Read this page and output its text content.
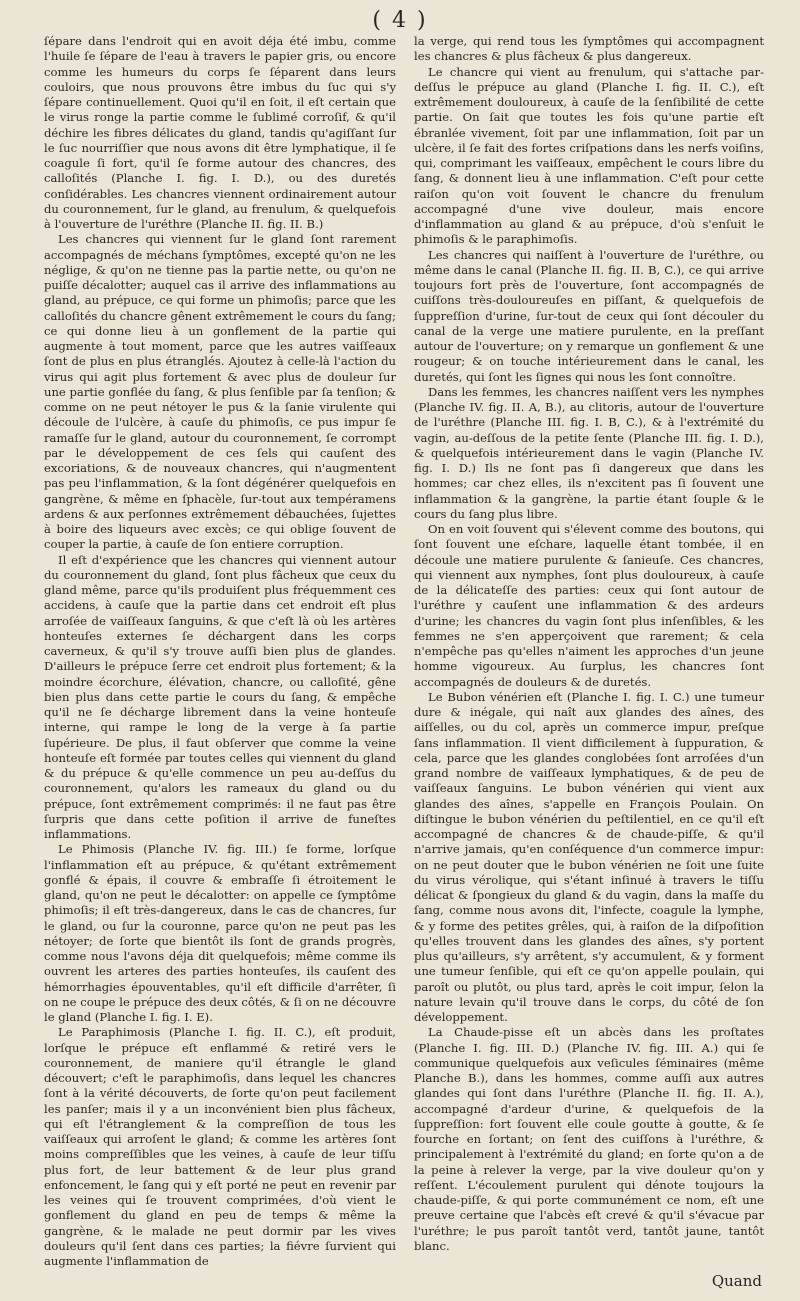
( 4 )

ſépare dans l'endroit qui en avoit déja été imbu, comme l'huile ſe ſépare de l'eau à travers le papier gris, ou encore comme les humeurs du corps ſe ſéparent dans leurs couloirs, que nous prouvons être imbus du ſuc qui s'y ſépare continuellement. Quoi qu'il en ſoit, il eſt certain que le virus ronge la partie comme le ſublimé corroſif, & qu'il déchire les fibres délicates du gland, tandis qu'agiſſant ſur le ſuc nourriſſier que nous avons dit être lymphatique, il ſe coagule ſi fort, qu'il ſe forme autour des chancres, des calloſités (Planche I. fig. I. D.), ou des duretés conſidérables. Les chancres viennent ordinairement autour du couronnement, ſur le gland, au frenulum, & quelquefois à l'ouverture de l'uréthre (Planche II. fig. II. B.)

Les chancres qui viennent ſur le gland ſont rarement accompagnés de méchans ſymptômes, excepté qu'on ne les néglige, & qu'on ne tienne pas la partie nette, ou qu'on ne puiſſe décalotter; auquel cas il arrive des inflammations au gland, au prépuce, ce qui forme un phimoſis; parce que les calloſités du chancre gênent extrêmement le cours du ſang; ce qui donne lieu à un gonflement de la partie qui augmente à tout moment, parce que les autres vaiſſeaux ſont de plus en plus étranglés. Ajoutez à celle-là l'action du virus qui agit plus fortement & avec plus de douleur ſur une partie gonflée du ſang, & plus ſenſible par ſa tenſion; & comme on ne peut nétoyer le pus & la ſanie virulente qui découle de l'ulcère, à cauſe du phimoſis, ce pus impur ſe ramaſſe ſur le gland, autour du couronnement, ſe corrompt par le développement de ces ſels qui cauſent des excoriations, & de nouveaux chancres, qui n'augmentent pas peu l'inflammation, & la ſont dégénérer quelquefois en gangrène, & même en ſphacèle, ſur-tout aux tempéramens ardens & aux perſonnes extrêmement débauchées, ſujettes à boire des liqueurs avec excès; ce qui oblige ſouvent de couper la partie, à cauſe de ſon entiere corruption.

Il eſt d'expérience que les chancres qui viennent autour du couronnement du gland, ſont plus fâcheux que ceux du gland même, parce qu'ils produiſent plus fréquemment ces accidens, à cauſe que la partie dans cet endroit eſt plus arroſée de vaiſſeaux ſanguins, & que c'eſt là où les artères honteuſes externes ſe déchargent dans les corps caverneux, & qu'il s'y trouve auſſi bien plus de glandes. D'ailleurs le prépuce ſerre cet endroit plus fortement; & la moindre écorchure, élévation, chancre, ou calloſité, gêne bien plus dans cette partie le cours du ſang, & empêche qu'il ne ſe décharge librement dans la veine honteuſe interne, qui rampe le long de la verge à ſa partie ſupérieure. De plus, il faut obſerver que comme la veine honteuſe eſt formée par toutes celles qui viennent du gland & du prépuce & qu'elle commence un peu au-deſſus du couronnement, qu'alors les rameaux du gland ou du prépuce, ſont extrêmement comprimés: il ne faut pas être ſurpris que dans cette poſition il arrive de funeſtes inflammations.

Le Phimosis (Planche IV. fig. III.) ſe forme, lorſque l'inflammation eſt au prépuce, & qu'étant extrêmement gonflé & épais, il couvre & embraſſe ſi étroitement le gland, qu'on ne peut le décalotter: on appelle ce ſymptôme phimoſis; il eſt très-dangereux, dans le cas de chancres, ſur le gland, ou ſur la couronne, parce qu'on ne peut pas les nétoyer; de ſorte que bientôt ils ſont de grands progrès, comme nous l'avons déja dit quelquefois; même comme ils ouvrent les arteres des parties honteuſes, ils cauſent des hémorrhagies épouventables, qu'il eſt difficile d'arrêter, ſi on ne coupe le prépuce des deux côtés, & ſi on ne découvre le gland (Planche I. fig. I. E).

Le Paraphimosis (Planche I. fig. II. C.), eſt produit, lorſque le prépuce eſt enflammé & retiré vers le couronnement, de maniere qu'il étrangle le gland découvert; c'eſt le paraphimoſis, dans lequel les chancres ſont à la vérité découverts, de ſorte qu'on peut facilement les panſer; mais il y a un inconvénient bien plus fâcheux, qui eſt l'étranglement & la compreſſion de tous les vaiſſeaux qui arroſent le gland; & comme les artères ſont moins compreſſibles que les veines, à cauſe de leur tiſſu plus fort, de leur battement & de leur plus grand enfoncement, le ſang qui y eſt porté ne peut en revenir par les veines qui ſe trouvent comprimées, d'où vient le gonflement du gland en peu de temps & même la gangrène, & le malade ne peut dormir par les vives douleurs qu'il ſent dans ces parties; la fiévre ſurvient qui augmente l'inflammation de

la verge, qui rend tous les ſymptômes qui accompagnent les chancres & plus fâcheux & plus dangereux.

Le chancre qui vient au frenulum, qui s'attache par-deſſus le prépuce au gland (Planche I. fig. II. C.), eſt extrêmement douloureux, à cauſe de la ſenſibilité de cette partie. On ſait que toutes les fois qu'une partie eſt ébranlée vivement, ſoit par une inflammation, ſoit par un ulcère, il ſe fait des fortes criſpations dans les nerfs voiſins, qui, comprimant les vaiſſeaux, empêchent le cours libre du ſang, & donnent lieu à une inflammation. C'eſt pour cette raiſon qu'on voit ſouvent le chancre du frenulum accompagné d'une vive douleur, mais encore d'inflammation au gland & au prépuce, d'où s'enſuit le phimoſis & le paraphimoſis.

Les chancres qui naiſſent à l'ouverture de l'uréthre, ou même dans le canal (Planche II. fig. II. B, C.), ce qui arrive toujours fort près de l'ouverture, ſont accompagnés de cuiſſons très-douloureuſes en piſſant, & quelquefois de ſuppreſſion d'urine, ſur-tout de ceux qui ſont découler du canal de la verge une matiere purulente, en la preſſant autour de l'ouverture; on y remarque un gonflement & une rougeur; & on touche intérieurement dans le canal, les duretés, qui ſont les ſignes qui nous les ſont connoître.

Dans les femmes, les chancres naiſſent vers les nymphes (Planche IV. fig. II. A, B.), au clitoris, autour de l'ouverture de l'uréthre (Planche III. fig. I. B, C.), & à l'extrémité du vagin, au-deſſous de la petite ſente (Planche III. fig. I. D.), & quelquefois intérieurement dans le vagin (Planche IV. fig. I. D.) Ils ne ſont pas ſi dangereux que dans les hommes; car chez elles, ils n'excitent pas ſi ſouvent une inflammation & la gangrène, la partie étant ſouple & le cours du ſang plus libre.

On en voit ſouvent qui s'élevent comme des boutons, qui ſont ſouvent une eſchare, laquelle étant tombée, il en découle une matiere purulente & ſanieuſe. Ces chancres, qui viennent aux nymphes, ſont plus douloureux, à cauſe de la délicateſſe des parties: ceux qui ſont autour de l'uréthre y cauſent une inflammation & des ardeurs d'urine; les chancres du vagin ſont plus inſenſibles, & les femmes ne s'en apperçoivent que rarement; & cela n'empêche pas qu'elles n'aiment les approches d'un jeune homme vigoureux. Au ſurplus, les chancres ſont accompagnés de douleurs & de duretés.

Le Bubon vénérien eſt (Planche I. fig. I. C.) une tumeur dure & inégale, qui naît aux glandes des aînes, des aiſſelles, ou du col, après un commerce impur, preſque ſans inflammation. Il vient difficilement à ſuppuration, & cela, parce que les glandes conglobées ſont arroſées d'un grand nombre de vaiſſeaux lymphatiques, & de peu de vaiſſeaux ſanguins. Le bubon vénérien qui vient aux glandes des aînes, s'appelle en François Poulain. On diſtingue le bubon vénérien du peſtilentiel, en ce qu'il eſt accompagné de chancres & de chaude-piſſe, & qu'il n'arrive jamais, qu'en conſéquence d'un commerce impur: on ne peut douter que le bubon vénérien ne ſoit une ſuite du virus vérolique, qui s'étant inſinué à travers le tiſſu délicat & ſpongieux du gland & du vagin, dans la maſſe du ſang, comme nous avons dit, l'infecte, coagule la lymphe, & y forme des petites grêles, qui, à raiſon de la diſpoſition qu'elles trouvent dans les glandes des aînes, s'y portent plus qu'ailleurs, s'y arrêtent, s'y accumulent, & y forment une tumeur ſenſible, qui eſt ce qu'on appelle poulain, qui paroît ou plutôt, ou plus tard, après le coit impur, ſelon la nature levain qu'il trouve dans le corps, du côté de ſon développement.

La Chaude-pisse eſt un abcès dans les proſtates (Planche I. fig. III. D.) (Planche IV. fig. III. A.) qui ſe communique quelquefois aux veſicules ſéminaires (même Planche B.), dans les hommes, comme auſſi aux autres glandes qui ſont dans l'uréthre (Planche II. fig. II. A.), accompagné d'ardeur d'urine, & quelquefois de la ſuppreſſion: fort ſouvent elle coule goutte à goutte, & ſe fourche en ſortant; on ſent des cuiſſons à l'uréthre, & principalement à l'extrémité du gland; en ſorte qu'on a de la peine à relever la verge, par la vive douleur qu'on y reſſent. L'écoulement purulent qui dénote toujours la chaude-piſſe, & qui porte communément ce nom, eſt une preuve certaine que l'abcès eſt crevé & qu'il s'évacue par l'uréthre; le pus paroît tantôt verd, tantôt jaune, tantôt blanc.

Quand
